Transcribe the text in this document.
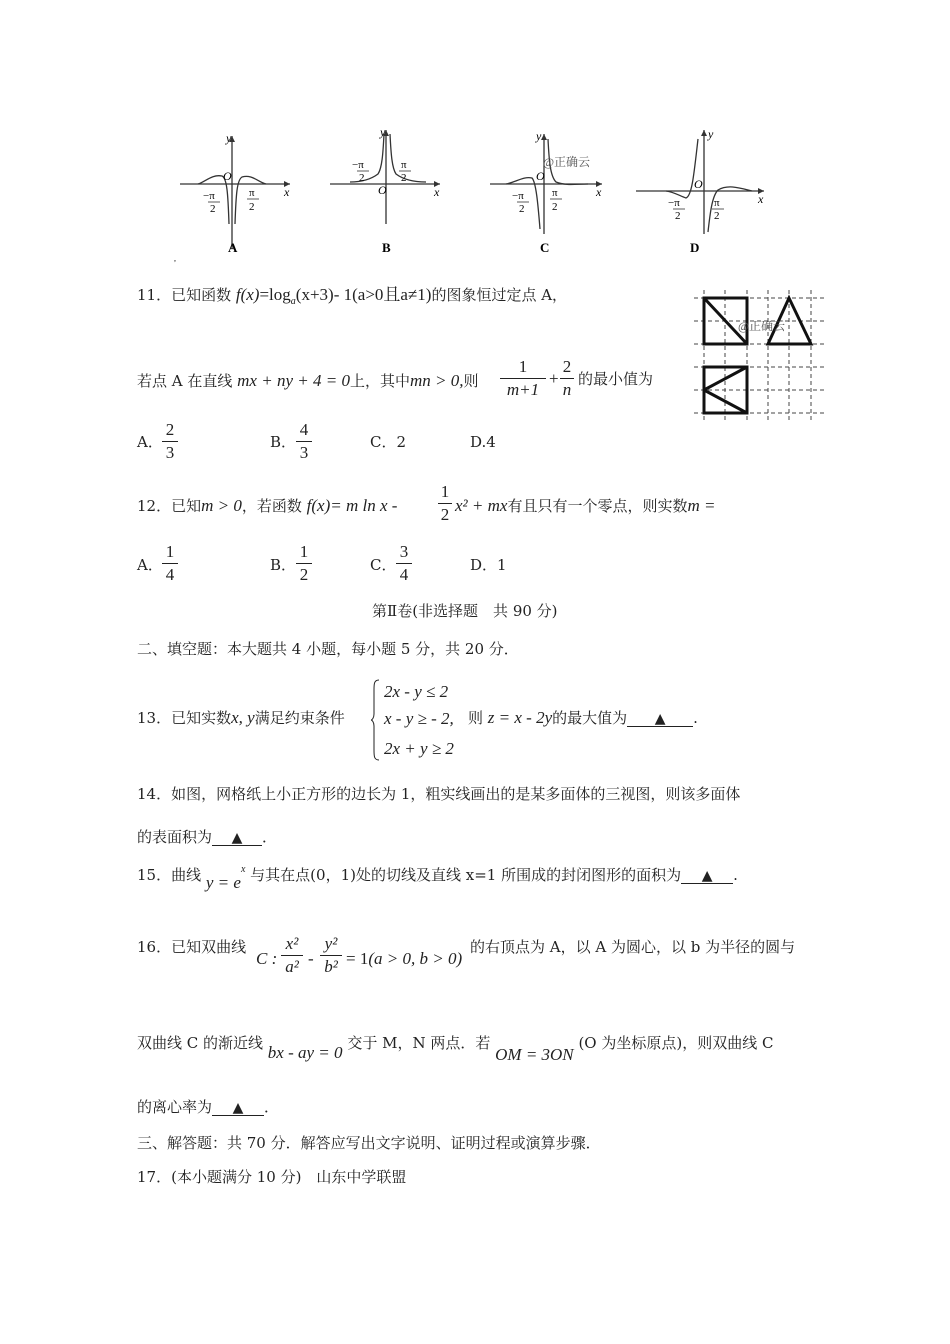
y
x
O
−π
2
π
2
A
,
y
x
O
−π
2
π
2
B
y
x
O
−π
2
π
2
@正确云
C
y
x
O
−π
2
π
2
D
@正确云
11．已知函数 $f(x)=\log_a(x+3)-$ 1(a>0且a≠1)的图象恒过定点 A，
若点 A 在直线 mx + ny + 4 = 0上，其中mn > 0,则
1
m+1
+
2
n
的最小值为
A．
2
3
B．
4
3
C．2	D.4
12．已知m > 0，若函数 f(x)= m ln x -
1
2 x² + mx有且只有一个零点，则实数m =
A．
1
4	B．
1
2	C．
3
4	D．1
第Ⅱ卷(非选择题　共 90 分)
二、填空题：本大题共 4 小题，每小题 5 分，共 20 分．
13．已知实数x, y满足约束条件
2x - y ≤ 2
x - y ≥ - 2,
2x + y ≥ 2
则 z = x - 2y的最大值为 ▲ .
14．如图，网格纸上小正方形的边长为 1，粗实线画出的是某多面体的三视图，则该多面体
的表面积为 ▲ ．
15．曲线 $y = e^x$ 与其在点(0，1)处的切线及直线 x=1 所围成的封闭图形的面积为 ▲ .
16．已知双曲线
C :
x²
a² -
y²
b² = 1(a > 0, b > 0)
的右顶点为 A，以 A 为圆心，以 b 为半径的圆与
双曲线 C 的渐近线 bx - ay = 0 交于 M，N 两点．若 OM = 3ON (O 为坐标原点)，则双曲线 C
的离心率为 ▲ ．
三、解答题：共 70 分．解答应写出文字说明、证明过程或演算步骤．
17．(本小题满分 10 分)　山东中学联盟
